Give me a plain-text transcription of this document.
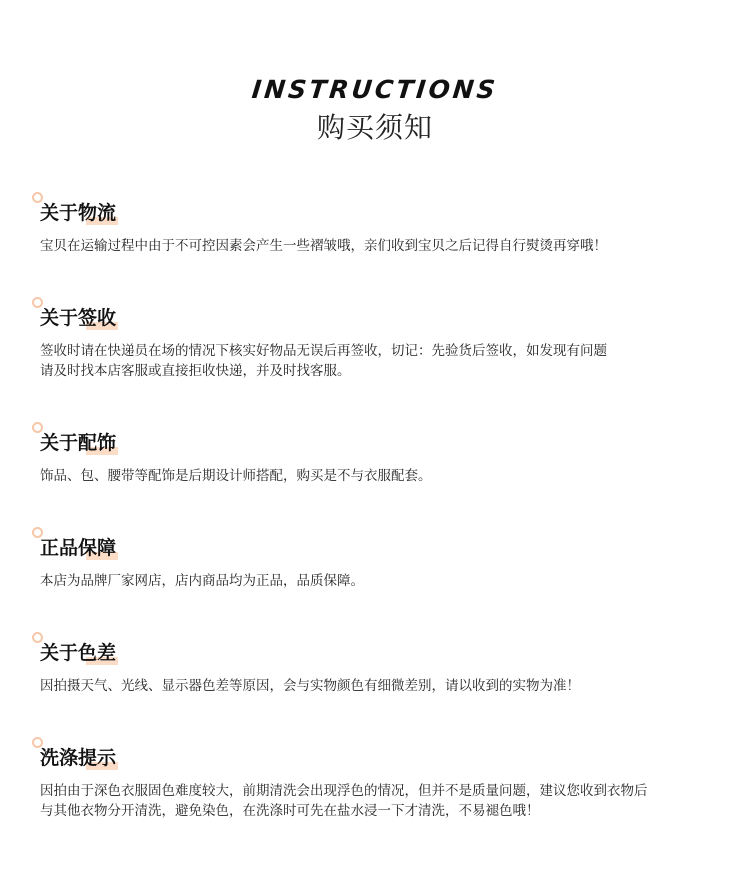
INSTRUCTIONS
购买须知
关于物流
宝贝在运输过程中由于不可控因素会产生一些褶皱哦，亲们收到宝贝之后记得自行熨烫再穿哦！
关于签收
签收时请在快递员在场的情况下核实好物品无误后再签收，切记：先验货后签收，如发现有问题
请及时找本店客服或直接拒收快递，并及时找客服。
关于配饰
饰品、包、腰带等配饰是后期设计师搭配，购买是不与衣服配套。
正品保障
本店为品牌厂家网店，店内商品均为正品，品质保障。
关于色差
因拍摄天气、光线、显示器色差等原因，会与实物颜色有细微差别，请以收到的实物为准！
洗涤提示
因拍由于深色衣服固色难度较大，前期清洗会出现浮色的情况，但并不是质量问题，建议您收到衣物后
与其他衣物分开清洗，避免染色，在洗涤时可先在盐水浸一下才清洗，不易褪色哦！
